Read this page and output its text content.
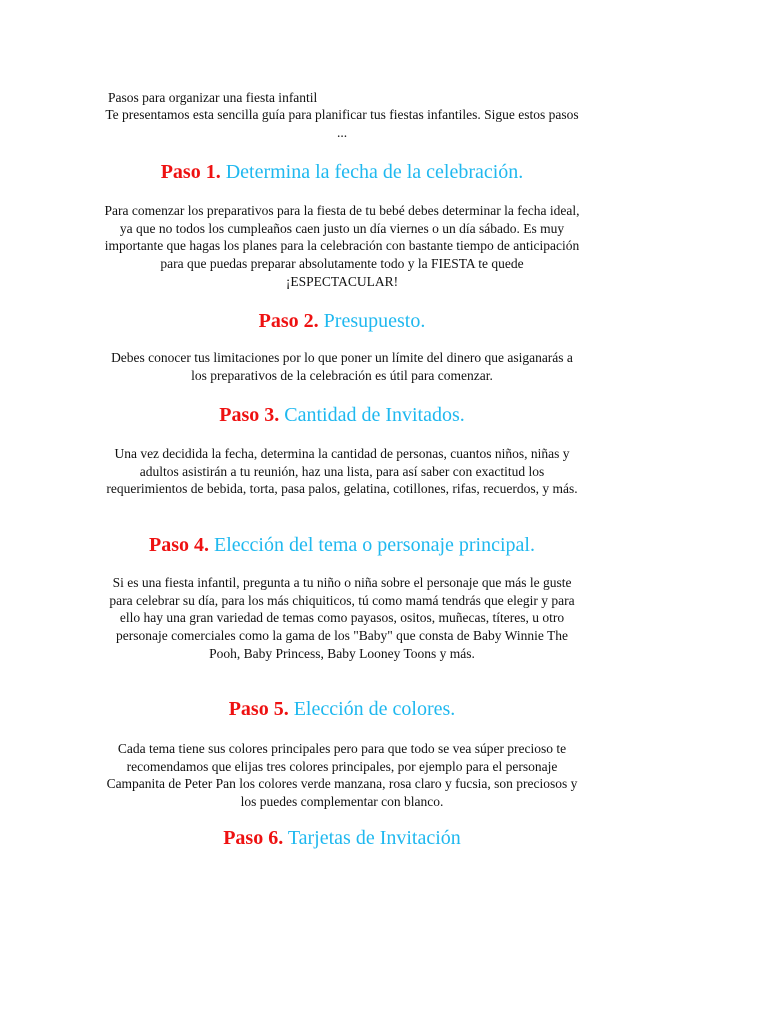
Pasos para organizar una fiesta infantil
Te presentamos esta sencilla guía para planificar tus fiestas infantiles. Sigue estos pasos ...
Paso 1. Determina la fecha de la celebración.
Para comenzar los preparativos para la fiesta de tu bebé debes determinar la fecha ideal, ya que no todos los cumpleaños caen justo un día viernes o un día sábado. Es muy importante que hagas los planes para la celebración con bastante tiempo de anticipación para que puedas preparar absolutamente todo y la FIESTA te quede ¡ESPECTACULAR!
Paso 2. Presupuesto.
Debes conocer tus limitaciones por lo que poner un límite del dinero que asiganarás a los preparativos de la celebración es útil para comenzar.
Paso 3. Cantidad de Invitados.
Una vez decidida la fecha, determina la cantidad de personas, cuantos niños, niñas y adultos asistirán a tu reunión, haz una lista, para así saber con exactitud los requerimientos de bebida, torta, pasa palos, gelatina, cotillones, rifas, recuerdos, y más.
Paso 4. Elección del tema o personaje principal.
Si es una fiesta infantil, pregunta a tu niño o niña sobre el personaje que más le guste para celebrar su día, para los más chiquiticos, tú como mamá tendrás que elegir y para ello hay una gran variedad de temas como payasos, ositos, muñecas, títeres, u otro personaje comerciales como la gama de los "Baby" que consta de Baby Winnie The Pooh, Baby Princess, Baby Looney Toons y más.
Paso 5. Elección de colores.
Cada tema tiene sus colores principales pero para que todo se vea súper precioso te recomendamos que elijas tres colores principales, por ejemplo para el personaje Campanita de Peter Pan los colores verde manzana, rosa claro y fucsia, son preciosos y los puedes complementar con blanco.
Paso 6. Tarjetas de Invitación
